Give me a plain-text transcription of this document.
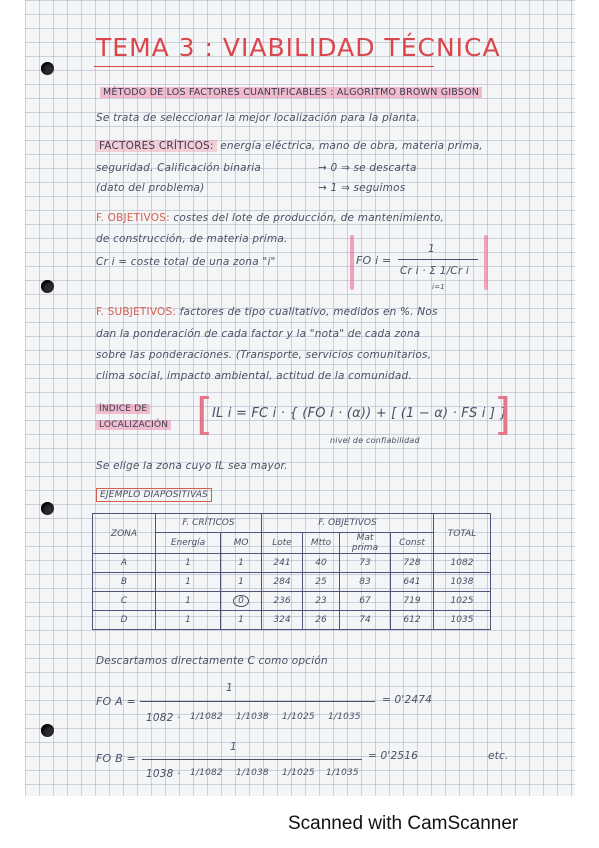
TEMA 3 : VIABILIDAD TÉCNICA
MÉTODO DE LOS FACTORES CUANTIFICABLES : ALGORITMO BROWN GIBSON
Se trata de seleccionar la mejor localización para la planta.
FACTORES CRÍTICOS: energía eléctrica, mano de obra, materia prima,
seguridad. Calificación binaria
(dato del problema)
→ 0 ⇒ se descarta
→ 1 ⇒ seguimos
F. OBJETIVOS: costes del lote de producción, de mantenimiento,
de construcción, de materia prima.
Cr i = coste total de una zona "i"	FO i =
1
Cr i · Σ 1/Cr i
i=1
F. SUBJETIVOS: factores de tipo cualitativo, medidos en %. Nos
dan la ponderación de cada factor y la "nota" de cada zona
sobre las ponderaciones. (Transporte, servicios comunitarios,
clima social, impacto ambiental, actitud de la comunidad.
ÍNDICE DE
LOCALIZACIÓN [
IL i = FC i · { (FO i · (α)) + [ (1 − α) · FS i ] }
]
nivel de confiabilidad
Se elige la zona cuyo IL sea mayor.
EJEMPLO DIAPOSITIVAS
ZONA	F. CRÍTICOS		F. OBJETIVOS				TOTAL
	Energía	MO	Lote	Mtto	Mat prima	Const	
A	1	1	241	40	73	728	1082
B	1	1	284	25	83	641	1038
C	1	0	236	23	67	719	1025
D	1	1	324	26	74	612	1035
Descartamos directamente C como opción
FO A =
1
1082 · 1/1082 1/1038 1/1025 1/1035
= 0'2474
FO B =
1
1038 · 1/1082 1/1038 1/1025 1/1035
= 0'2516	etc.
Scanned with CamScanner
